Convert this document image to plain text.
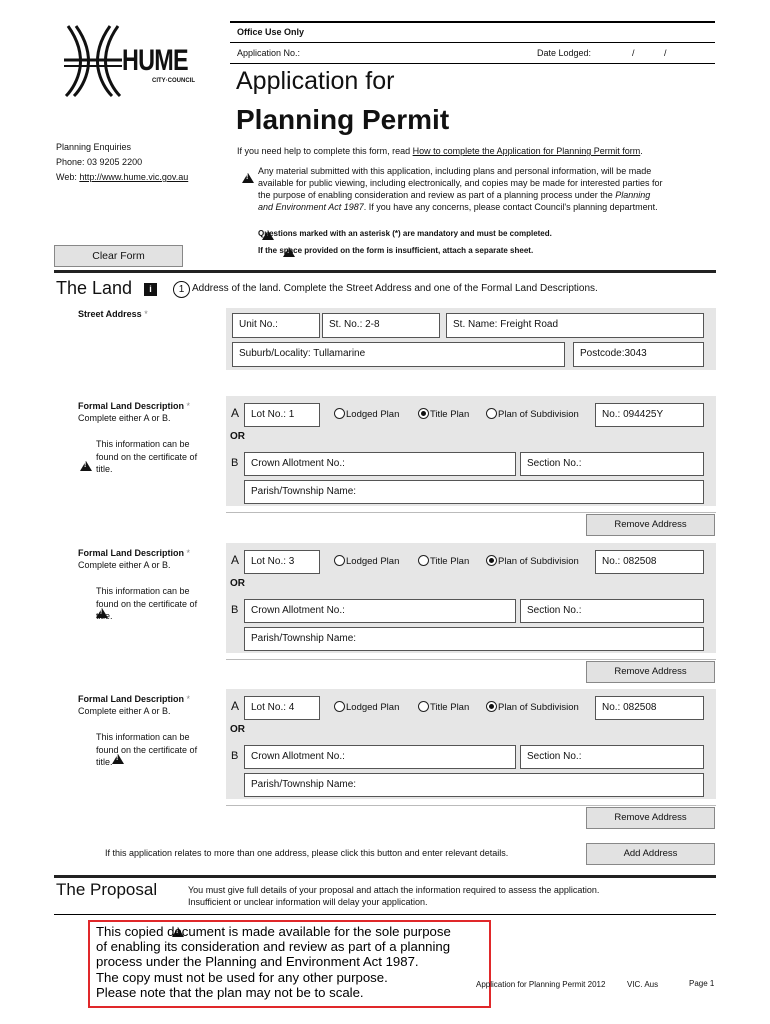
HUME
CITY·COUNCIL
Planning Enquiries
Phone: 03 9205 2200
Web: http://www.hume.vic.gov.au
Office Use Only
Application No.:	Date Lodged:	/	/
Application for
Planning Permit
If you need help to complete this form, read How to complete the Application for Planning Permit form.
!
Any material submitted with this application, including plans and personal information, will be made
available for public viewing, including electronically, and copies may be made for interested parties for
the purpose of enabling consideration and review as part of a planning process under the Planning
and Environment Act 1987. If you have any concerns, please contact Council's planning department.
!
Questions marked with an asterisk (*) are mandatory and must be completed.
!
If the space provided on the form is insufficient, attach a separate sheet.
Clear Form
The Land	i	1 Address of the land. Complete the Street Address and one of the Formal Land Descriptions.
Street Address *
Unit No.:	St. No.: 2-8	St. Name: Freight Road
Suburb/Locality: Tullamarine	Postcode:3043
Formal Land Description *
Complete either A or B.
!
This information can be
found on the certificate of
title.
A	Lot No.: 1	Lodged Plan	Title Plan	Plan of Subdivision	No.: 094425Y
OR
B	Crown Allotment No.:	Section No.:
Parish/Township Name:
Remove Address
Formal Land Description *
Complete either A or B.
!
This information can be
found on the certificate of
title.
A	Lot No.: 3	Lodged Plan	Title Plan	Plan of Subdivision	No.: 082508
OR
B	Crown Allotment No.:	Section No.:
Parish/Township Name:
Remove Address
Formal Land Description *
Complete either A or B.
!
This information can be
found on the certificate of
title.
A	Lot No.: 4	Lodged Plan	Title Plan	Plan of Subdivision	No.: 082508
OR
B	Crown Allotment No.:	Section No.:
Parish/Township Name:
Remove Address
If this application relates to more than one address, please click this button and enter relevant details.	Add Address
The Proposal
!	You must give full details of your proposal and attach the information required to assess the application.
Insufficient or unclear information will delay your application.
This copied document is made available for the sole purpose
of enabling its consideration and review as part of a planning
process under the Planning and Environment Act 1987.
The copy must not be used for any other purpose.
Please note that the plan may not be to scale.
Application for Planning Permit 2012	VIC. Aus	Page 1
